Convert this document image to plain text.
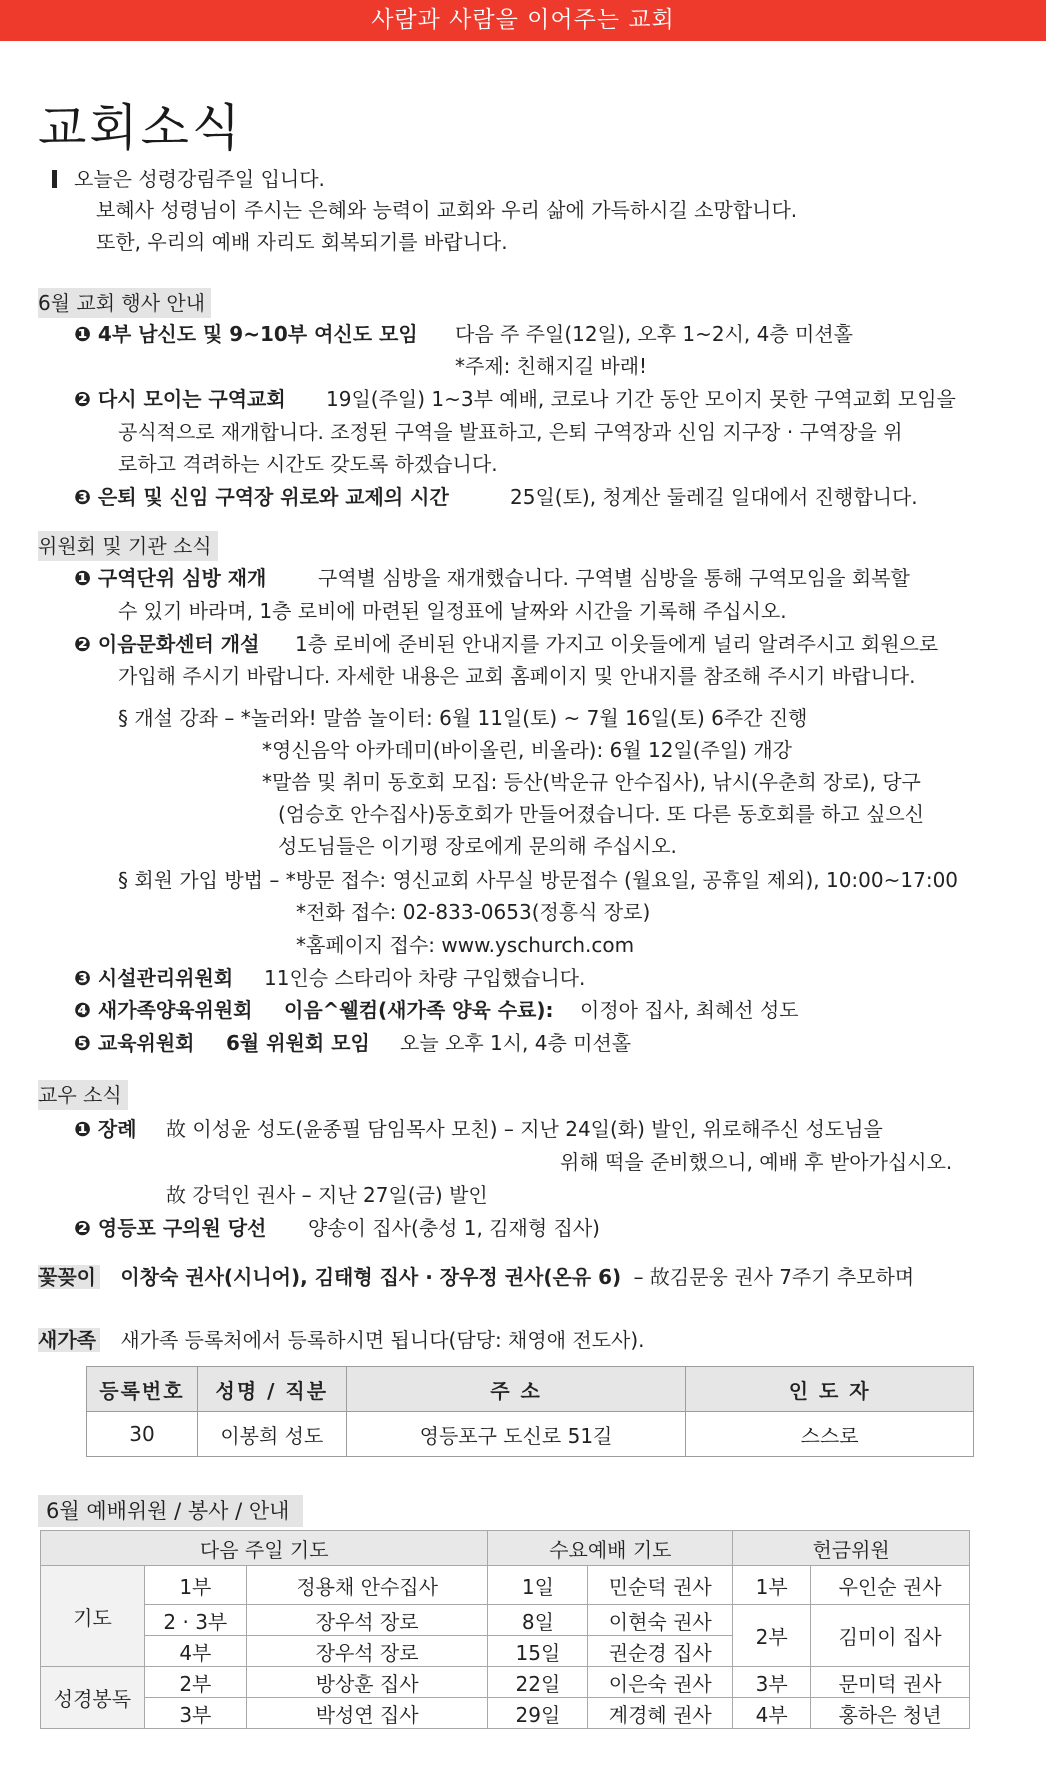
사람과 사람을 이어주는 교회
교회소식
오늘은 성령강림주일 입니다.
보혜사 성령님이 주시는 은혜와 능력이 교회와 우리 삶에 가득하시길 소망합니다.
또한, 우리의 예배 자리도 회복되기를 바랍니다.
6월 교회 행사 안내
❶ 4부 남신도 및 9~10부 여신도 모임 다음 주 주일(12일), 오후 1~2시, 4층 미션홀
*주제: 친해지길 바래!
❷ 다시 모이는 구역교회 19일(주일) 1~3부 예배, 코로나 기간 동안 모이지 못한 구역교회 모임을
공식적으로 재개합니다. 조정된 구역을 발표하고, 은퇴 구역장과 신임 지구장 · 구역장을 위
로하고 격려하는 시간도 갖도록 하겠습니다.
❸ 은퇴 및 신임 구역장 위로와 교제의 시간	25일(토), 청계산 둘레길 일대에서 진행합니다.
위원회 및 기관 소식
❶ 구역단위 심방 재개	구역별 심방을 재개했습니다. 구역별 심방을 통해 구역모임을 회복할
수 있기 바라며, 1층 로비에 마련된 일정표에 날짜와 시간을 기록해 주십시오.
❷ 이음문화센터 개설 1층 로비에 준비된 안내지를 가지고 이웃들에게 널리 알려주시고 회원으로
가입해 주시기 바랍니다. 자세한 내용은 교회 홈페이지 및 안내지를 참조해 주시기 바랍니다.
§ 개설 강좌 – *놀러와! 말씀 놀이터: 6월 11일(토) ~ 7월 16일(토) 6주간 진행
*영신음악 아카데미(바이올린, 비올라): 6월 12일(주일) 개강
*말씀 및 취미 동호회 모집: 등산(박운규 안수집사), 낚시(우춘희 장로), 당구
(엄승호 안수집사)동호회가 만들어졌습니다. 또 다른 동호회를 하고 싶으신
성도님들은 이기평 장로에게 문의해 주십시오.
§ 회원 가입 방법 – *방문 접수: 영신교회 사무실 방문접수 (월요일, 공휴일 제외), 10:00~17:00
*전화 접수: 02-833-0653(정흥식 장로)
*홈페이지 접수: www.yschurch.com
❸ 시설관리위원회 11인승 스타리아 차량 구입했습니다.
❹ 새가족양육위원회 이음^웰컴(새가족 양육 수료): 이정아 집사, 최혜선 성도
❺ 교육위원회 6월 위원회 모임 오늘 오후 1시, 4층 미션홀
교우 소식
❶ 장례 故 이성윤 성도(윤종필 담임목사 모친) – 지난 24일(화) 발인, 위로해주신 성도님을
위해 떡을 준비했으니, 예배 후 받아가십시오.
故 강덕인 권사 – 지난 27일(금) 발인
❷ 영등포 구의원 당선 양송이 집사(충성 1, 김재형 집사)
꽃꽂이 이창숙 권사(시니어), 김태형 집사 · 장우정 권사(온유 6) – 故김문웅 권사 7주기 추모하며
새가족 새가족 등록처에서 등록하시면 됩니다(담당: 채영애 전도사).
등록번호	성명 / 직분	주 소	인 도 자
30	이봉희 성도	영등포구 도신로 51길	스스로
6월 예배위원 / 봉사 / 안내
다음 주일 기도			수요예배 기도		헌금위원	
기도	1부	정용채 안수집사	1일	민순덕 권사	1부	우인순 권사
	2 · 3부	장우석 장로	8일	이현숙 권사	2부	김미이 집사
	4부	장우석 장로	15일	권순경 집사		
성경봉독	2부	방상훈 집사	22일	이은숙 권사	3부	문미덕 권사
	3부	박성연 집사	29일	계경혜 권사	4부	홍하은 청년
